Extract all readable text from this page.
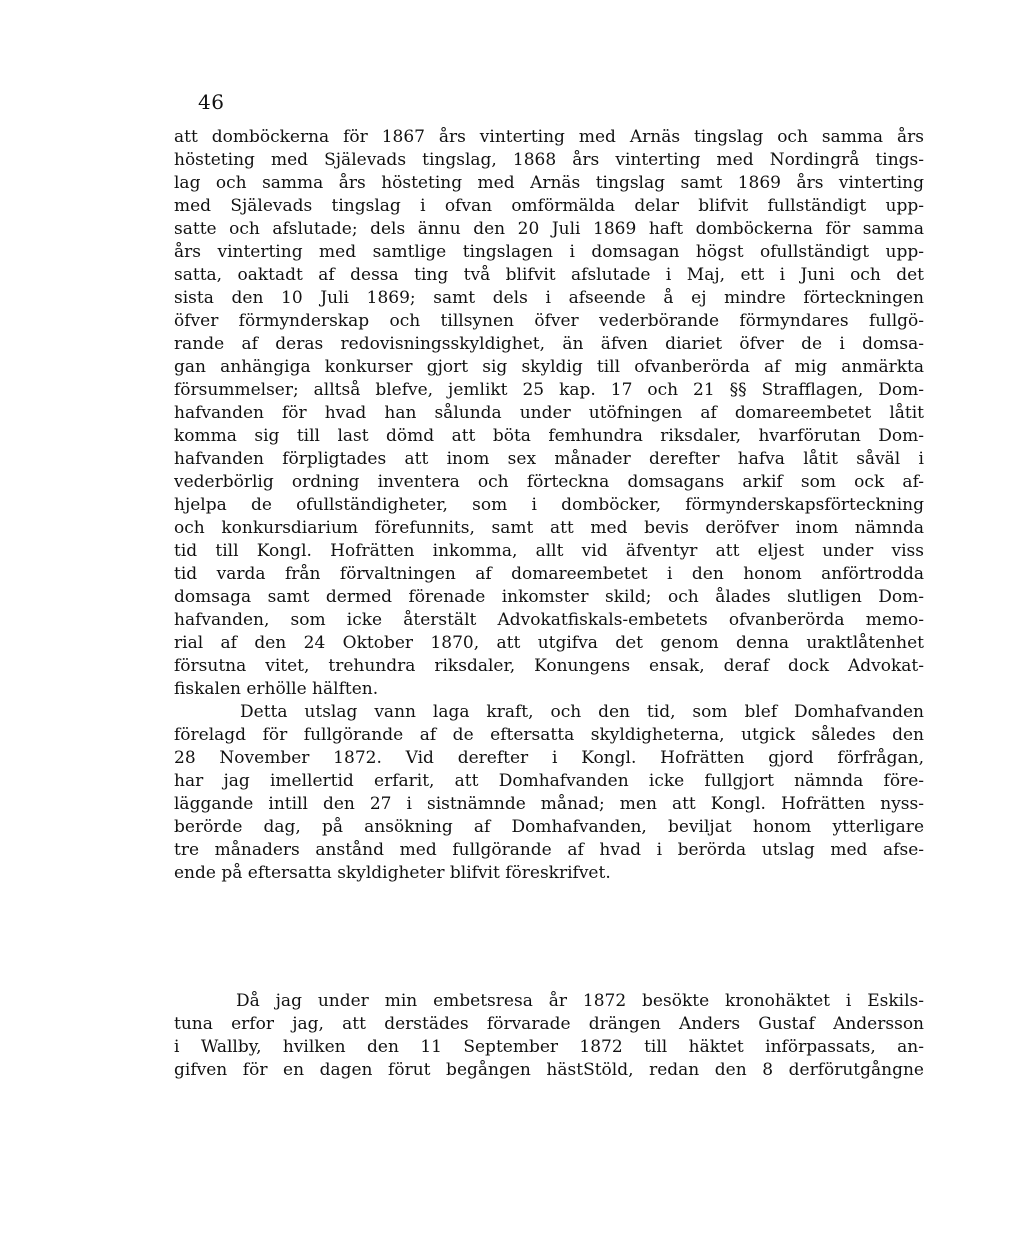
46
att domböckerna för 1867 års vinterting med Arnäs tingslag och samma års
hösteting med Själevads tingslag, 1868 års vinterting med Nordingrå tings-
lag och samma års hösteting med Arnäs tingslag samt 1869 års vinterting
med Själevads tingslag i ofvan omförmälda delar blifvit fullständigt upp-
satte och afslutade; dels ännu den 20 Juli 1869 haft domböckerna för samma
års vinterting med samtlige tingslagen i domsagan högst ofullständigt upp-
satta, oaktadt af dessa ting två blifvit afslutade i Maj, ett i Juni och det
sista den 10 Juli 1869; samt dels i afseende å ej mindre förteckningen
öfver förmynderskap och tillsynen öfver vederbörande förmyndares fullgö-
rande af deras redovisningsskyldighet, än äfven diariet öfver de i domsa-
gan anhängiga konkurser gjort sig skyldig till ofvanberörda af mig anmärkta
försummelser; alltså blefve, jemlikt 25 kap. 17 och 21 §§ Strafflagen, Dom-
hafvanden för hvad han sålunda under utöfningen af domareembetet låtit
komma sig till last dömd att böta femhundra riksdaler, hvarförutan Dom-
hafvanden förpligtades att inom sex månader derefter hafva låtit såväl i
vederbörlig ordning inventera och förteckna domsagans arkif som ock af-
hjelpa de ofullständigheter, som i domböcker, förmynderskapsförteckning
och konkursdiarium förefunnits, samt att med bevis deröfver inom nämnda
tid till Kongl. Hofrätten inkomma, allt vid äfventyr att eljest under viss
tid varda från förvaltningen af domareembetet i den honom anförtrodda
domsaga samt dermed förenade inkomster skild; och ålades slutligen Dom-
hafvanden, som icke återstält Advokatfiskals-embetets ofvanberörda memo-
rial af den 24 Oktober 1870, att utgifva det genom denna uraktlåtenhet
försutna vitet, trehundra riksdaler, Konungens ensak, deraf dock Advokat-
fiskalen erhölle hälften.
Detta utslag vann laga kraft, och den tid, som blef Domhafvanden
förelagd för fullgörande af de eftersatta skyldigheterna, utgick således den
28 November 1872. Vid derefter i Kongl. Hofrätten gjord förfrågan,
har jag imellertid erfarit, att Domhafvanden icke fullgjort nämnda före-
läggande intill den 27 i sistnämnde månad; men att Kongl. Hofrätten nyss-
berörde dag, på ansökning af Domhafvanden, beviljat honom ytterligare
tre månaders anstånd med fullgörande af hvad i berörda utslag med afse-
ende på eftersatta skyldigheter blifvit föreskrifvet.
Då jag under min embetsresa år 1872 besökte kronohäktet i Eskils-
tuna erfor jag, att derstädes förvarade drängen Anders Gustaf Andersson
i Wallby, hvilken den 11 September 1872 till häktet införpassats, an-
gifven för en dagen förut begången hästStöld, redan den 8 derförutgångne
